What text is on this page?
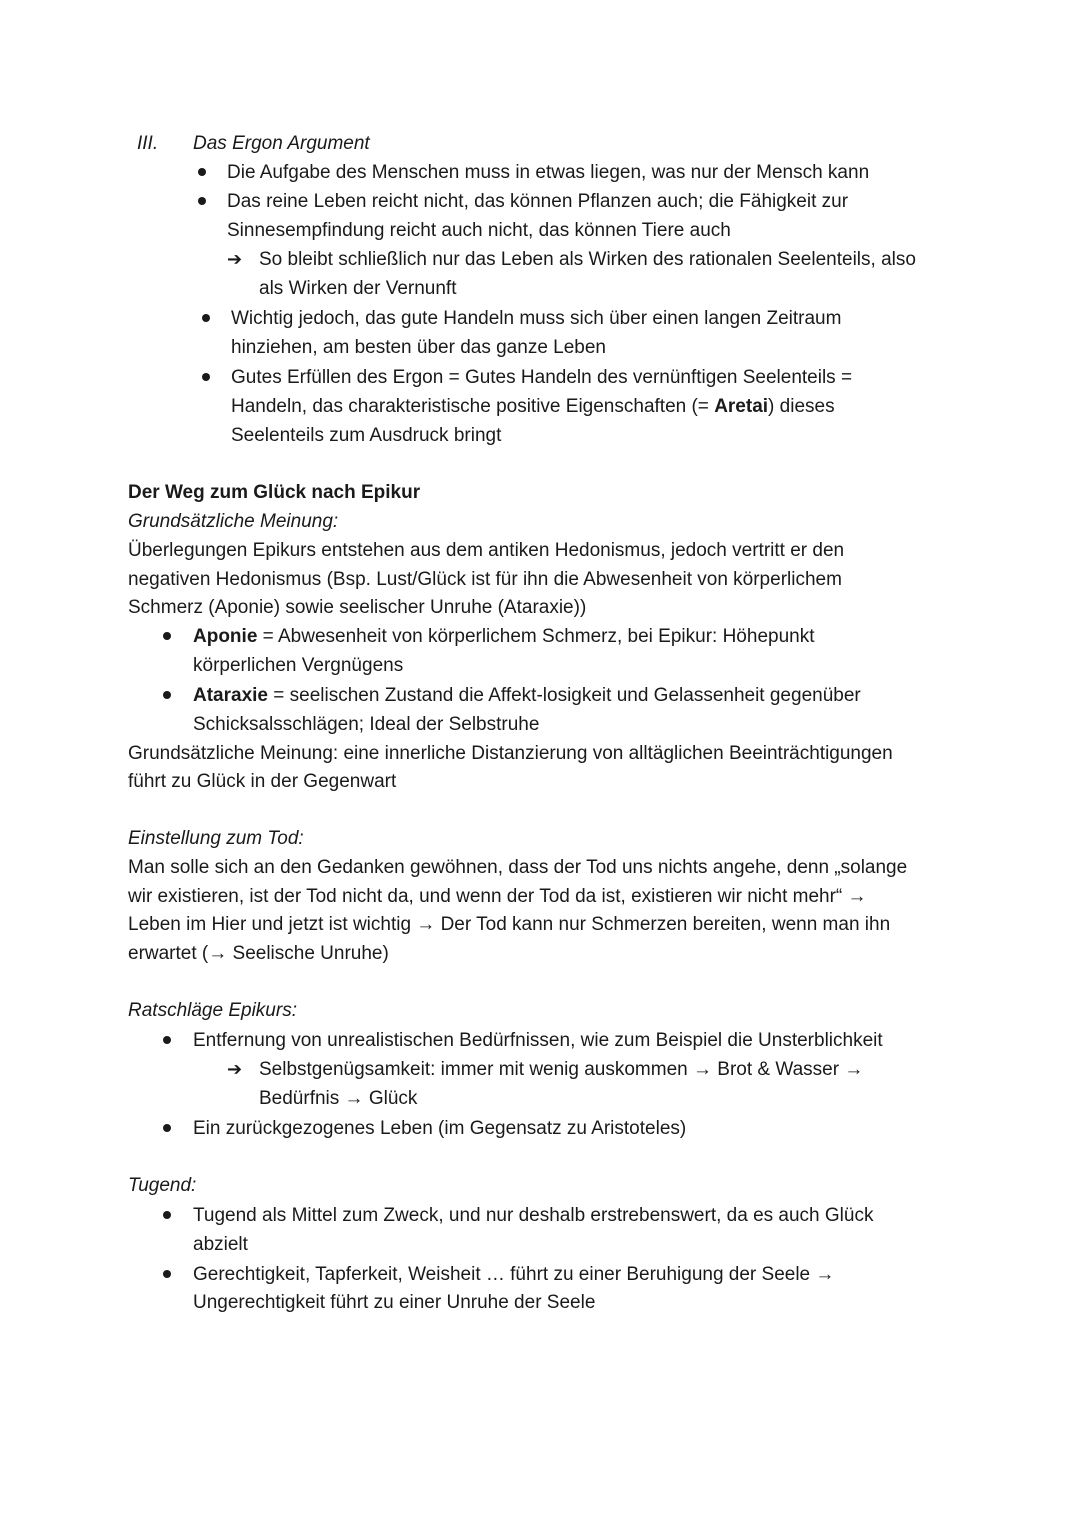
III. Das Ergon Argument
Die Aufgabe des Menschen muss in etwas liegen, was nur der Mensch kann
Das reine Leben reicht nicht, das können Pflanzen auch; die Fähigkeit zur
Sinnesempfindung reicht auch nicht, das können Tiere auch
➔ So bleibt schließlich nur das Leben als Wirken des rationalen Seelenteils, also
als Wirken der Vernunft
Wichtig jedoch, das gute Handeln muss sich über einen langen Zeitraum
hinziehen, am besten über das ganze Leben
Gutes Erfüllen des Ergon = Gutes Handeln des vernünftigen Seelenteils =
Handeln, das charakteristische positive Eigenschaften (= Aretai) dieses
Seelenteils zum Ausdruck bringt
Der Weg zum Glück nach Epikur
Grundsätzliche Meinung:
Überlegungen Epikurs entstehen aus dem antiken Hedonismus, jedoch vertritt er den
negativen Hedonismus (Bsp. Lust/Glück ist für ihn die Abwesenheit von körperlichem
Schmerz (Aponie) sowie seelischer Unruhe (Ataraxie))
Aponie = Abwesenheit von körperlichem Schmerz, bei Epikur: Höhepunkt
körperlichen Vergnügens
Ataraxie = seelischen Zustand die Affekt-losigkeit und Gelassenheit gegenüber
Schicksalsschlägen; Ideal der Selbstruhe
Grundsätzliche Meinung: eine innerliche Distanzierung von alltäglichen Beeinträchtigungen
führt zu Glück in der Gegenwart
Einstellung zum Tod:
Man solle sich an den Gedanken gewöhnen, dass der Tod uns nichts angehe, denn „solange
wir existieren, ist der Tod nicht da, und wenn der Tod da ist, existieren wir nicht mehr“ →
Leben im Hier und jetzt ist wichtig → Der Tod kann nur Schmerzen bereiten, wenn man ihn
erwartet (→ Seelische Unruhe)
Ratschläge Epikurs:
Entfernung von unrealistischen Bedürfnissen, wie zum Beispiel die Unsterblichkeit
➔ Selbstgenügsamkeit: immer mit wenig auskommen → Brot & Wasser →
Bedürfnis → Glück
Ein zurückgezogenes Leben (im Gegensatz zu Aristoteles)
Tugend:
Tugend als Mittel zum Zweck, und nur deshalb erstrebenswert, da es auch Glück
abzielt
Gerechtigkeit, Tapferkeit, Weisheit … führt zu einer Beruhigung der Seele →
Ungerechtigkeit führt zu einer Unruhe der Seele
